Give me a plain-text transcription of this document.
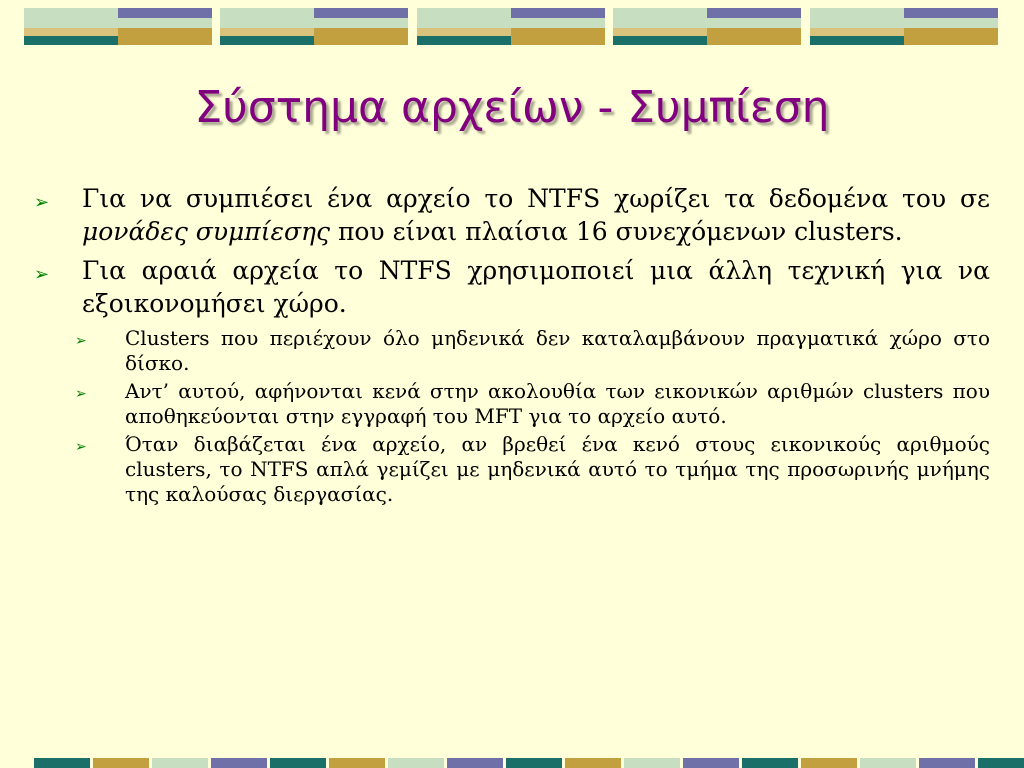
Σύστημα αρχείων - Συμπίεση
➢ Για να συμπιέσει ένα αρχείο το NTFS χωρίζει τα δεδομένα του σε μονάδες συμπίεσης που είναι πλαίσια 16 συνεχόμενων clusters.
➢ Για αραιά αρχεία το NTFS χρησιμοποιεί μια άλλη τεχνική για να εξοικονομήσει χώρο.
➢ Clusters που περιέχουν όλο μηδενικά δεν καταλαμβάνουν πραγματικά χώρο στο δίσκο.
➢ Αντ’ αυτού, αφήνονται κενά στην ακολουθία των εικονικών αριθμών clusters που αποθηκεύονται στην εγγραφή του MFT για το αρχείο αυτό.
➢ Όταν διαβάζεται ένα αρχείο, αν βρεθεί ένα κενό στους εικονικούς αριθμούς clusters, το NTFS απλά γεμίζει με μηδενικά αυτό το τμήμα της προσωρινής μνήμης της καλούσας διεργασίας.
